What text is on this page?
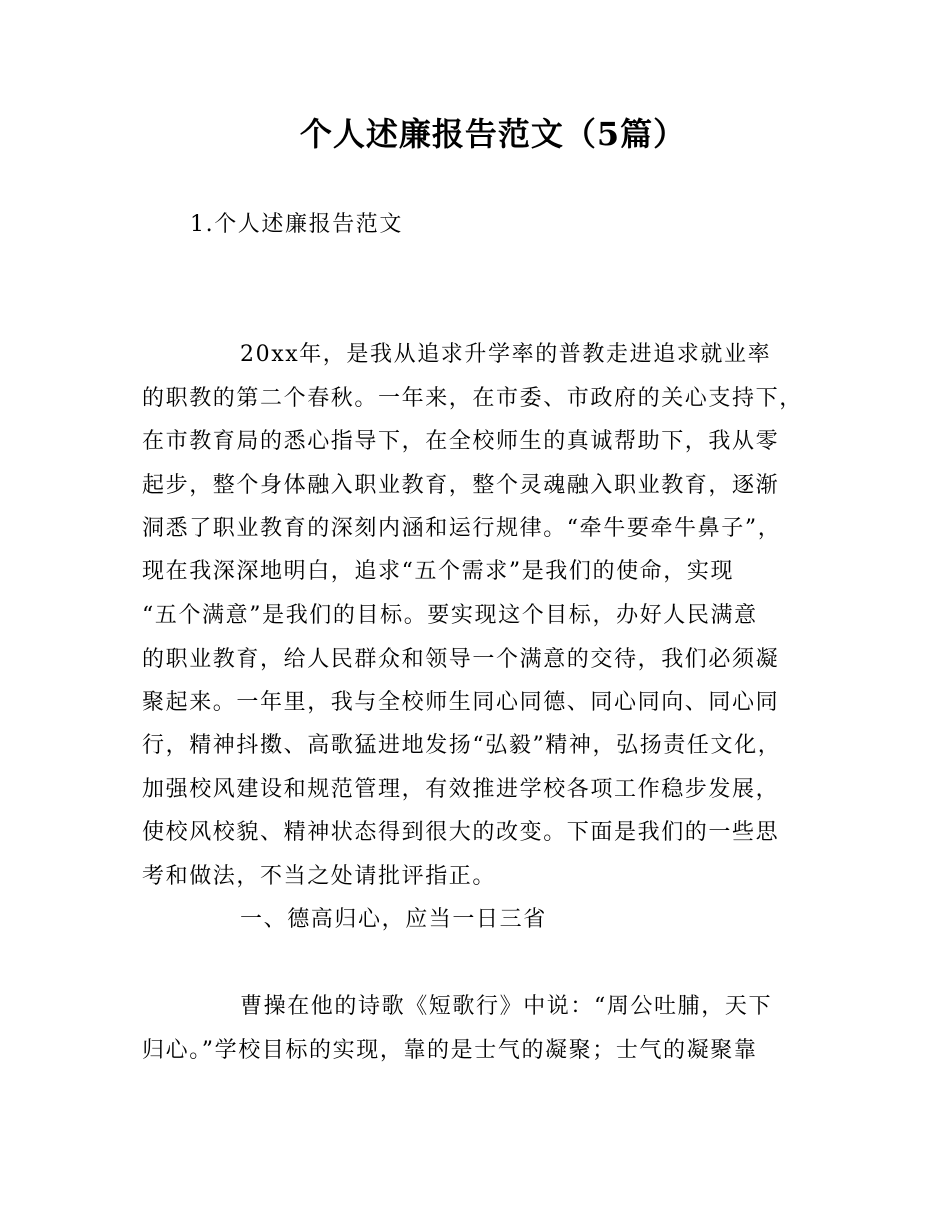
个人述廉报告范文（5篇）
1.个人述廉报告范文
20xx年，是我从追求升学率的普教走进追求就业率
的职教的第二个春秋。一年来，在市委、市政府的关心支持下，
在市教育局的悉心指导下，在全校师生的真诚帮助下，我从零
起步，整个身体融入职业教育，整个灵魂融入职业教育，逐渐
洞悉了职业教育的深刻内涵和运行规律。“牵牛要牵牛鼻子”，
现在我深深地明白，追求“五个需求”是我们的使命，实现
“五个满意”是我们的目标。要实现这个目标，办好人民满意
的职业教育，给人民群众和领导一个满意的交待，我们必须凝
聚起来。一年里，我与全校师生同心同德、同心同向、同心同
行，精神抖擞、高歌猛进地发扬“弘毅”精神，弘扬责任文化，
加强校风建设和规范管理，有效推进学校各项工作稳步发展，
使校风校貌、精神状态得到很大的改变。下面是我们的一些思
考和做法，不当之处请批评指正。
一、德高归心，应当一日三省
曹操在他的诗歌《短歌行》中说：“周公吐脯，天下
归心。”学校目标的实现，靠的是士气的凝聚；士气的凝聚靠
